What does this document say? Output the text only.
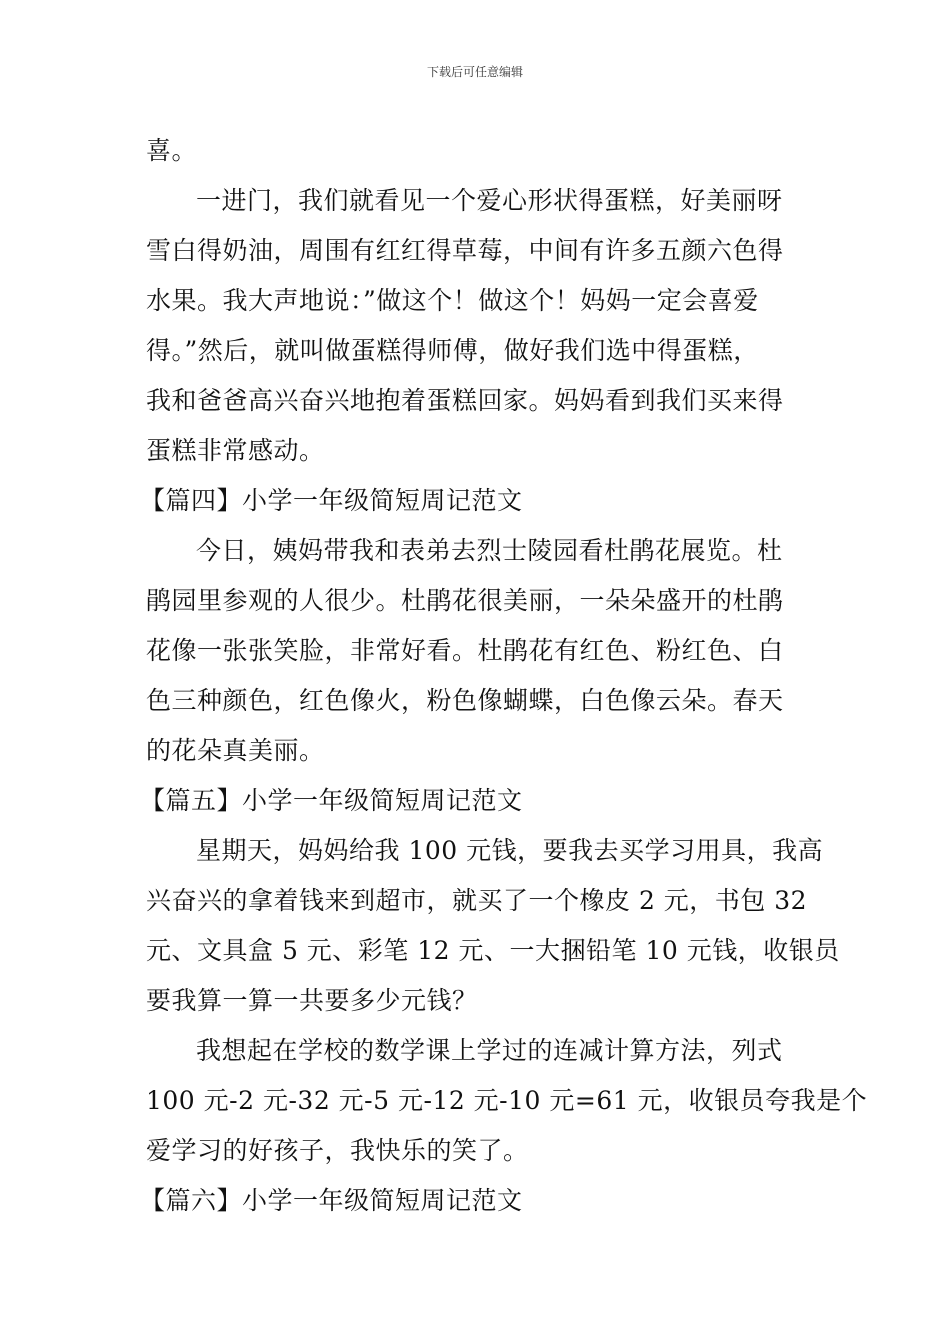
下载后可任意编辑
喜。
一进门，我们就看见一个爱心形状得蛋糕，好美丽呀
雪白得奶油，周围有红红得草莓，中间有许多五颜六色得
水果。我大声地说：”做这个！做这个！妈妈一定会喜爱
得。”然后，就叫做蛋糕得师傅，做好我们选中得蛋糕，
我和爸爸高兴奋兴地抱着蛋糕回家。妈妈看到我们买来得
蛋糕非常感动。
【篇四】小学一年级简短周记范文
今日，姨妈带我和表弟去烈士陵园看杜鹃花展览。杜
鹃园里参观的人很少。杜鹃花很美丽，一朵朵盛开的杜鹃
花像一张张笑脸，非常好看。杜鹃花有红色、粉红色、白
色三种颜色，红色像火，粉色像蝴蝶，白色像云朵。春天
的花朵真美丽。
【篇五】小学一年级简短周记范文
星期天，妈妈给我 100 元钱，要我去买学习用具，我高
兴奋兴的拿着钱来到超市，就买了一个橡皮 2 元，书包 32
元、文具盒 5 元、彩笔 12 元、一大捆铅笔 10 元钱，收银员
要我算一算一共要多少元钱？
我想起在学校的数学课上学过的连减计算方法，列式
100 元-2 元-32 元-5 元-12 元-10 元=61 元，收银员夸我是个
爱学习的好孩子，我快乐的笑了。
【篇六】小学一年级简短周记范文
